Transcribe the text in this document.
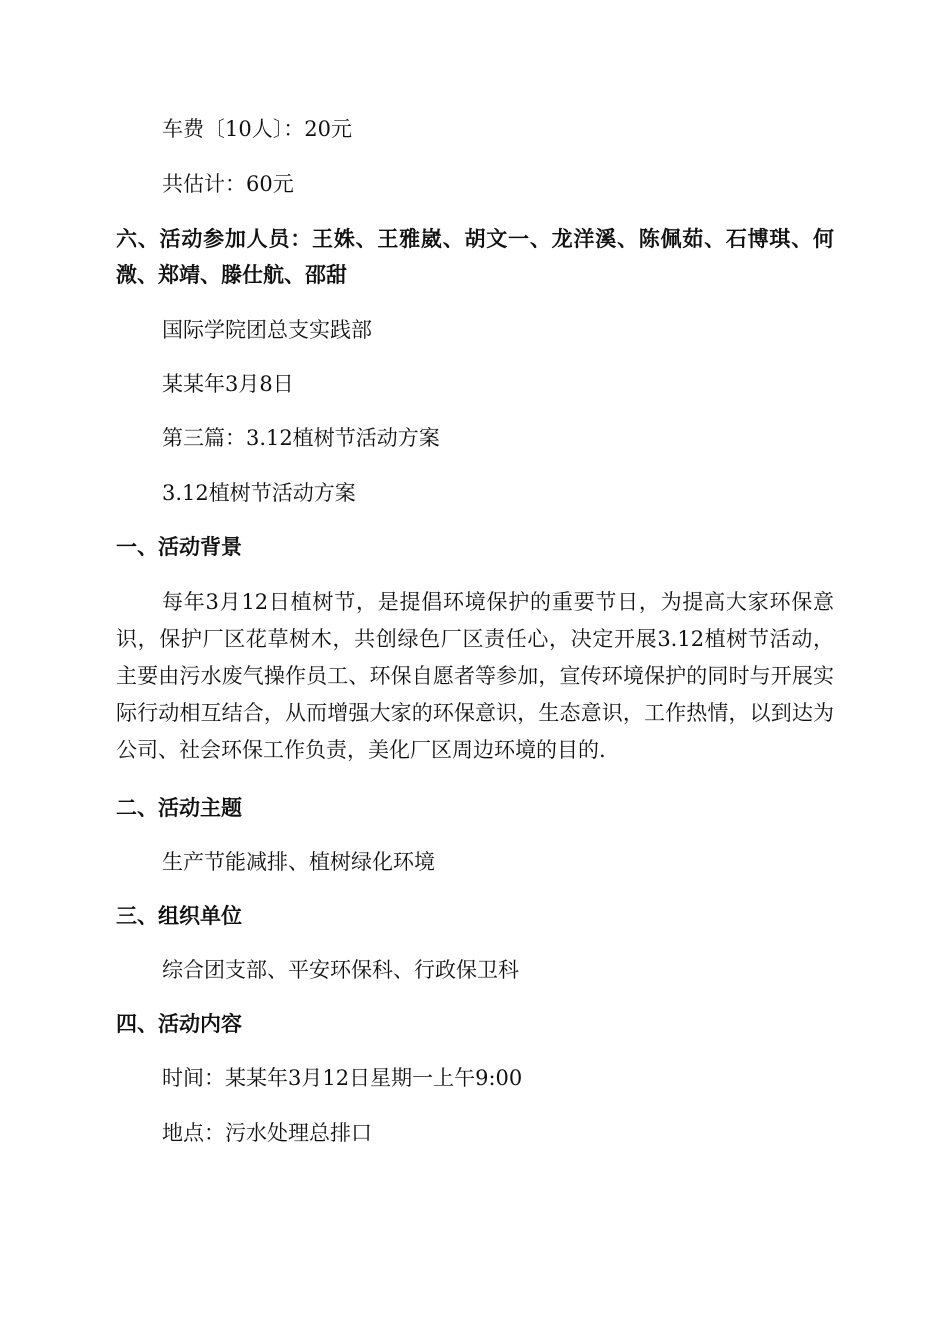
车费〔10人〕：20元
共估计：60元
六、活动参加人员：王姝、王雅崴、胡文一、龙洋溪、陈佩茹、石博琪、何溦、郑靖、滕仕航、邵甜
国际学院团总支实践部
某某年3月8日
第三篇：3.12植树节活动方案
3.12植树节活动方案
一、活动背景
每年3月12日植树节，是提倡环境保护的重要节日，为提高大家环保意识，保护厂区花草树木，共创绿色厂区责任心，决定开展3.12植树节活动，主要由污水废气操作员工、环保自愿者等参加，宣传环境保护的同时与开展实际行动相互结合，从而增强大家的环保意识，生态意识，工作热情，以到达为公司、社会环保工作负责，美化厂区周边环境的目的.
二、活动主题
生产节能减排、植树绿化环境
三、组织单位
综合团支部、平安环保科、行政保卫科
四、活动内容
时间：某某年3月12日星期一上午9:00
地点：污水处理总排口
